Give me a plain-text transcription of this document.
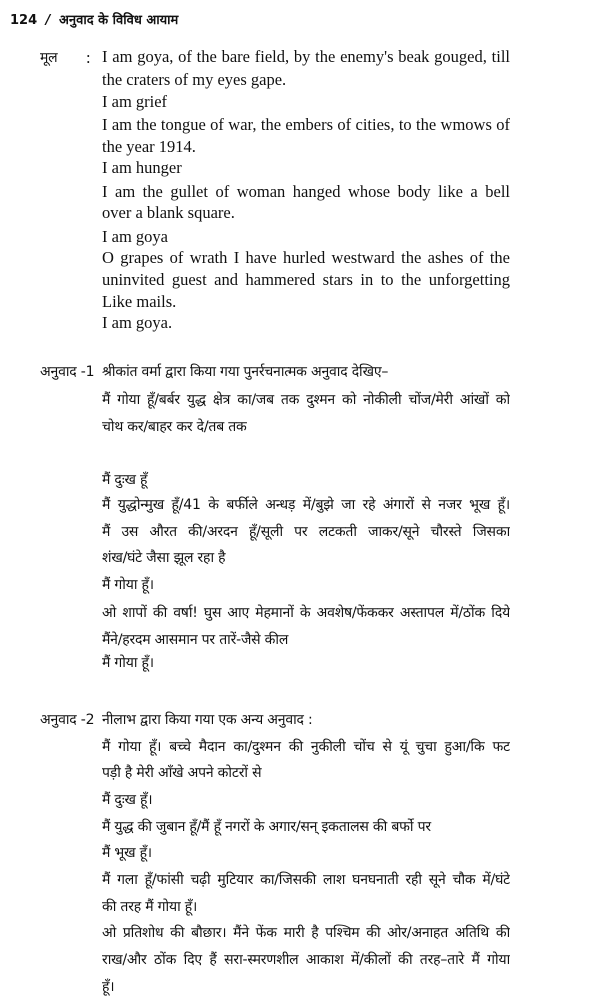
124 / अनुवाद के विविध आयाम
मूल : I am goya, of the bare field, by the enemy's beak gouged, till
the craters of my eyes gape.
I am grief
I am the tongue of war, the embers of cities, to the wmows of
the year 1914.
I am hunger
I am the gullet of woman hanged whose body like a bell
over a blank square.
I am goya
O grapes of wrath I have hurled westward the ashes of the
uninvited guest and hammered stars in to the unforgetting
Like mails.
I am goya.
अनुवाद -1 श्रीकांत वर्मा द्वारा किया गया पुनर्रचनात्मक अनुवाद देखिए–
मैं गोया हूँ/बर्बर युद्ध क्षेत्र का/जब तक दुश्मन को नोकीली चोंज/मेरी आंखों को
चोथ कर/बाहर कर दे/तब तक
मैं दुःख हूँ
मैं युद्धोन्मुख हूँ/41 के बर्फीले अन्धड़ में/बुझे जा रहे अंगारों से नजर भूख हूँ।
मैं उस औरत की/अरदन हूँ/सूली पर लटकती जाकर/सूने चौरस्ते जिसका
शंख/घंटे जैसा झूल रहा है
मैं गोया हूँ।
ओ शापों की वर्षा! घुस आए मेहमानों के अवशेष/फेंककर अस्तापल में/ठोंक दिये
मैंने/हरदम आसमान पर तारें-जैसे कील
मैं गोया हूँ।
अनुवाद -2 नीलाभ द्वारा किया गया एक अन्य अनुवाद :
मैं गोया हूँ। बच्चे मैदान का/दुश्मन की नुकीली चोंच से यूं चुचा हुआ/कि फट
पड़ी है मेरी आँखे अपने कोटरों से
मैं दुःख हूँ।
मैं युद्ध की जुबान हूँ/मैं हूँ नगरों के अगार/सन् इकतालस की बर्फो पर
मैं भूख हूँ।
मैं गला हूँ/फांसी चढ़ी मुटियार का/जिसकी लाश घनघनाती रही सूने चौक में/घंटे
की तरह मैं गोया हूँ।
ओ प्रतिशोध की बौछार। मैंने फेंक मारी है पश्चिम की ओर/अनाहत अतिथि की
राख/और ठोंक दिए हैं सरा-स्मरणशील आकाश में/कीलों की तरह–तारे मैं गोया
हूँ।
